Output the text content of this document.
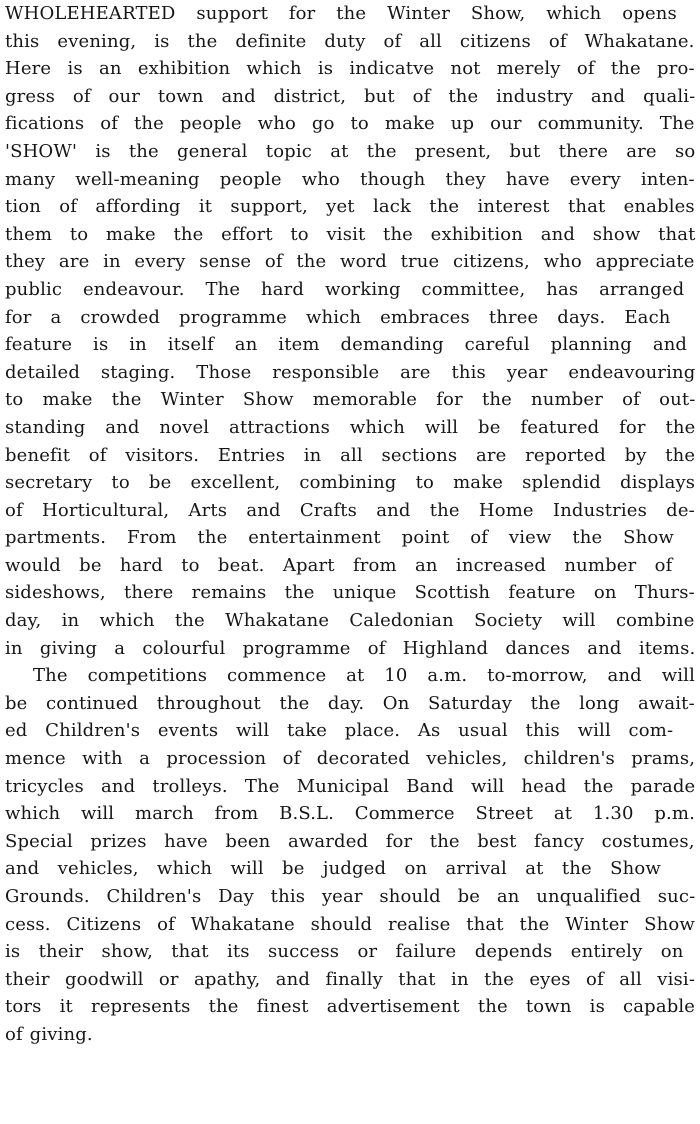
WHOLEHEARTED support for the Winter Show, which opens
this evening, is the definite duty of all citizens of Whakatane.
Here is an exhibition which is indicatve not merely of the pro-
gress of our town and district, but of the industry and quali-
fications of the people who go to make up our community. The
'SHOW' is the general topic at the present, but there are so
many well-meaning people who though they have every inten-
tion of affording it support, yet lack the interest that enables
them to make the effort to visit the exhibition and show that
they are in every sense of the word true citizens, who appreciate
public endeavour. The hard working committee, has arranged
for a crowded programme which embraces three days. Each
feature is in itself an item demanding careful planning and
detailed staging. Those responsible are this year endeavouring
to make the Winter Show memorable for the number of out-
standing and novel attractions which will be featured for the
benefit of visitors. Entries in all sections are reported by the
secretary to be excellent, combining to make splendid displays
of Horticultural, Arts and Crafts and the Home Industries de-
partments. From the entertainment point of view the Show
would be hard to beat. Apart from an increased number of
sideshows, there remains the unique Scottish feature on Thurs-
day, in which the Whakatane Caledonian Society will combine
in giving a colourful programme of Highland dances and items.
The competitions commence at 10 a.m. to-morrow, and will
be continued throughout the day. On Saturday the long await-
ed Children's events will take place. As usual this will com-
mence with a procession of decorated vehicles, children's prams,
tricycles and trolleys. The Municipal Band will head the parade
which will march from B.S.L. Commerce Street at 1.30 p.m.
Special prizes have been awarded for the best fancy costumes,
and vehicles, which will be judged on arrival at the Show
Grounds. Children's Day this year should be an unqualified suc-
cess. Citizens of Whakatane should realise that the Winter Show
is their show, that its success or failure depends entirely on
their goodwill or apathy, and finally that in the eyes of all visi-
tors it represents the finest advertisement the town is capable
of giving.
